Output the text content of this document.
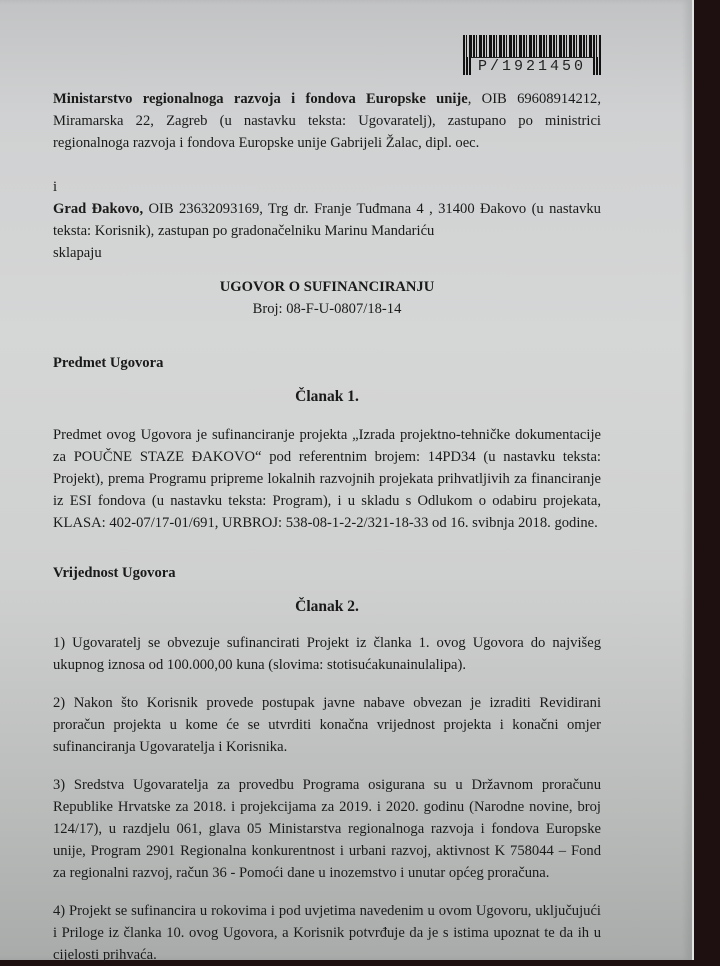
P/1921450

Ministarstvo regionalnoga razvoja i fondova Europske unije, OIB 69608914212, Miramarska 22, Zagreb (u nastavku teksta: Ugovaratelj), zastupano po ministrici regionalnoga razvoja i fondova Europske unije Gabrijeli Žalac, dipl. oec.

i

Grad Đakovo, OIB 23632093169, Trg dr. Franje Tuđmana 4 , 31400 Đakovo (u nastavku teksta: Korisnik), zastupan po gradonačelniku Marinu Mandariću

sklapaju

UGOVOR O SUFINANCIRANJU

Broj: 08-F-U-0807/18-14

Predmet Ugovora

Članak 1.

Predmet ovog Ugovora je sufinanciranje projekta „Izrada projektno-tehničke dokumentacije za POUČNE STAZE ĐAKOVO“ pod referentnim brojem: 14PD34 (u nastavku teksta: Projekt), prema Programu pripreme lokalnih razvojnih projekata prihvatljivih za financiranje iz ESI fondova (u nastavku teksta: Program), i u skladu s Odlukom o odabiru projekata, KLASA: 402-07/17-01/691, URBROJ: 538-08-1-2-2/321-18-33 od 16. svibnja 2018. godine.

Vrijednost Ugovora

Članak 2.

1) Ugovaratelj se obvezuje sufinancirati Projekt iz članka 1. ovog Ugovora do najvišeg ukupnog iznosa od 100.000,00 kuna (slovima: stotisućakunainulalipa).

2) Nakon što Korisnik provede postupak javne nabave obvezan je izraditi Revidirani proračun projekta u kome će se utvrditi konačna vrijednost projekta i konačni omjer sufinanciranja Ugovaratelja i Korisnika.

3) Sredstva Ugovaratelja za provedbu Programa osigurana su u Državnom proračunu Republike Hrvatske za 2018. i projekcijama za 2019. i 2020. godinu (Narodne novine, broj 124/17), u razdjelu 061, glava 05 Ministarstva regionalnoga razvoja i fondova Europske unije, Program 2901 Regionalna konkurentnost i urbani razvoj, aktivnost K 758044 – Fond za regionalni razvoj, račun 36 - Pomoći dane u inozemstvo i unutar općeg proračuna.

4) Projekt se sufinancira u rokovima i pod uvjetima navedenim u ovom Ugovoru, uključujući i Priloge iz članka 10. ovog Ugovora, a Korisnik potvrđuje da je s istima upoznat te da ih u cijelosti prihvaća.
